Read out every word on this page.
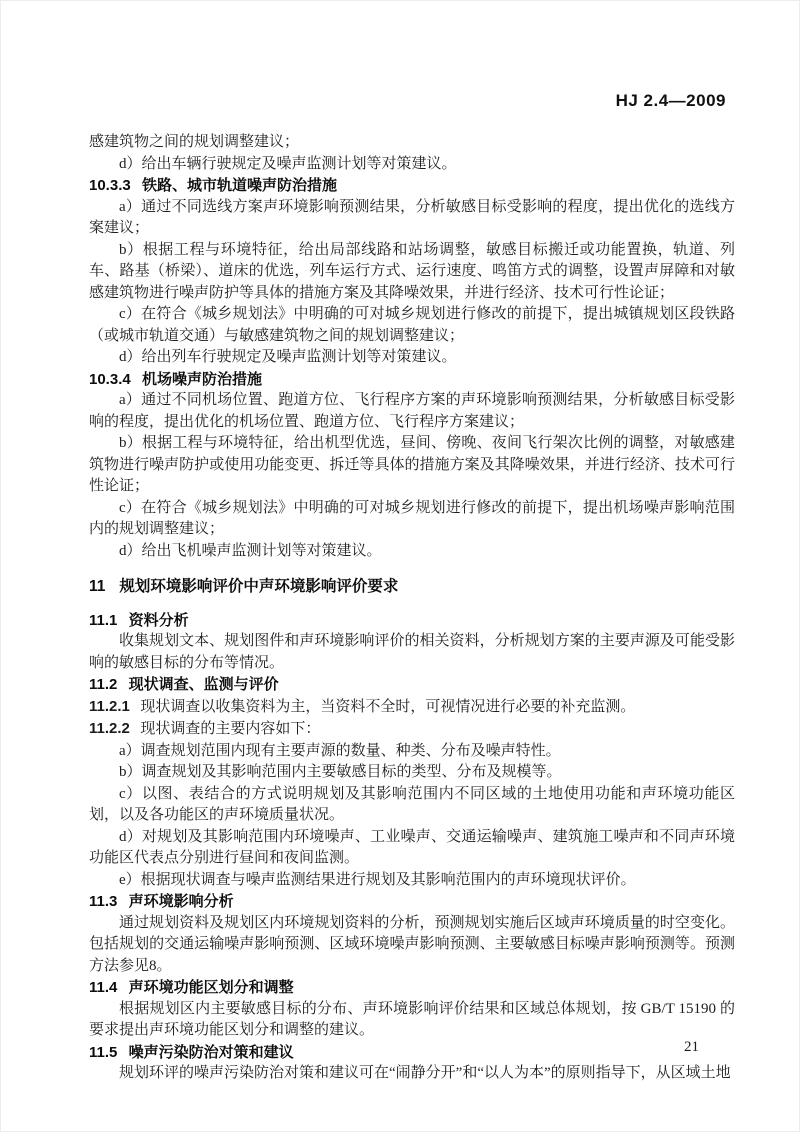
HJ 2.4—2009
感建筑物之间的规划调整建议；
d）给出车辆行驶规定及噪声监测计划等对策建议。
10.3.3 铁路、城市轨道噪声防治措施
a）通过不同选线方案声环境影响预测结果，分析敏感目标受影响的程度，提出优化的选线方案建议；
b）根据工程与环境特征，给出局部线路和站场调整，敏感目标搬迁或功能置换，轨道、列车、路基（桥梁）、道床的优选，列车运行方式、运行速度、鸣笛方式的调整，设置声屏障和对敏感建筑物进行噪声防护等具体的措施方案及其降噪效果，并进行经济、技术可行性论证；
c）在符合《城乡规划法》中明确的可对城乡规划进行修改的前提下，提出城镇规划区段铁路（或城市轨道交通）与敏感建筑物之间的规划调整建议；
d）给出列车行驶规定及噪声监测计划等对策建议。
10.3.4 机场噪声防治措施
a）通过不同机场位置、跑道方位、飞行程序方案的声环境影响预测结果，分析敏感目标受影响的程度，提出优化的机场位置、跑道方位、飞行程序方案建议；
b）根据工程与环境特征，给出机型优选，昼间、傍晚、夜间飞行架次比例的调整，对敏感建筑物进行噪声防护或使用功能变更、拆迁等具体的措施方案及其降噪效果，并进行经济、技术可行性论证；
c）在符合《城乡规划法》中明确的可对城乡规划进行修改的前提下，提出机场噪声影响范围内的规划调整建议；
d）给出飞机噪声监测计划等对策建议。
11 规划环境影响评价中声环境影响评价要求
11.1 资料分析
收集规划文本、规划图件和声环境影响评价的相关资料，分析规划方案的主要声源及可能受影响的敏感目标的分布等情况。
11.2 现状调查、监测与评价
11.2.1 现状调查以收集资料为主，当资料不全时，可视情况进行必要的补充监测。
11.2.2 现状调查的主要内容如下：
a）调查规划范围内现有主要声源的数量、种类、分布及噪声特性。
b）调查规划及其影响范围内主要敏感目标的类型、分布及规模等。
c）以图、表结合的方式说明规划及其影响范围内不同区域的土地使用功能和声环境功能区划，以及各功能区的声环境质量状况。
d）对规划及其影响范围内环境噪声、工业噪声、交通运输噪声、建筑施工噪声和不同声环境功能区代表点分别进行昼间和夜间监测。
e）根据现状调查与噪声监测结果进行规划及其影响范围内的声环境现状评价。
11.3 声环境影响分析
通过规划资料及规划区内环境规划资料的分析，预测规划实施后区域声环境质量的时空变化。包括规划的交通运输噪声影响预测、区域环境噪声影响预测、主要敏感目标噪声影响预测等。预测方法参见8。
11.4 声环境功能区划分和调整
根据规划区内主要敏感目标的分布、声环境影响评价结果和区域总体规划，按 GB/T 15190 的要求提出声环境功能区划分和调整的建议。
11.5 噪声污染防治对策和建议
规划环评的噪声污染防治对策和建议可在“闹静分开”和“以人为本”的原则指导下，从区域土地
21
